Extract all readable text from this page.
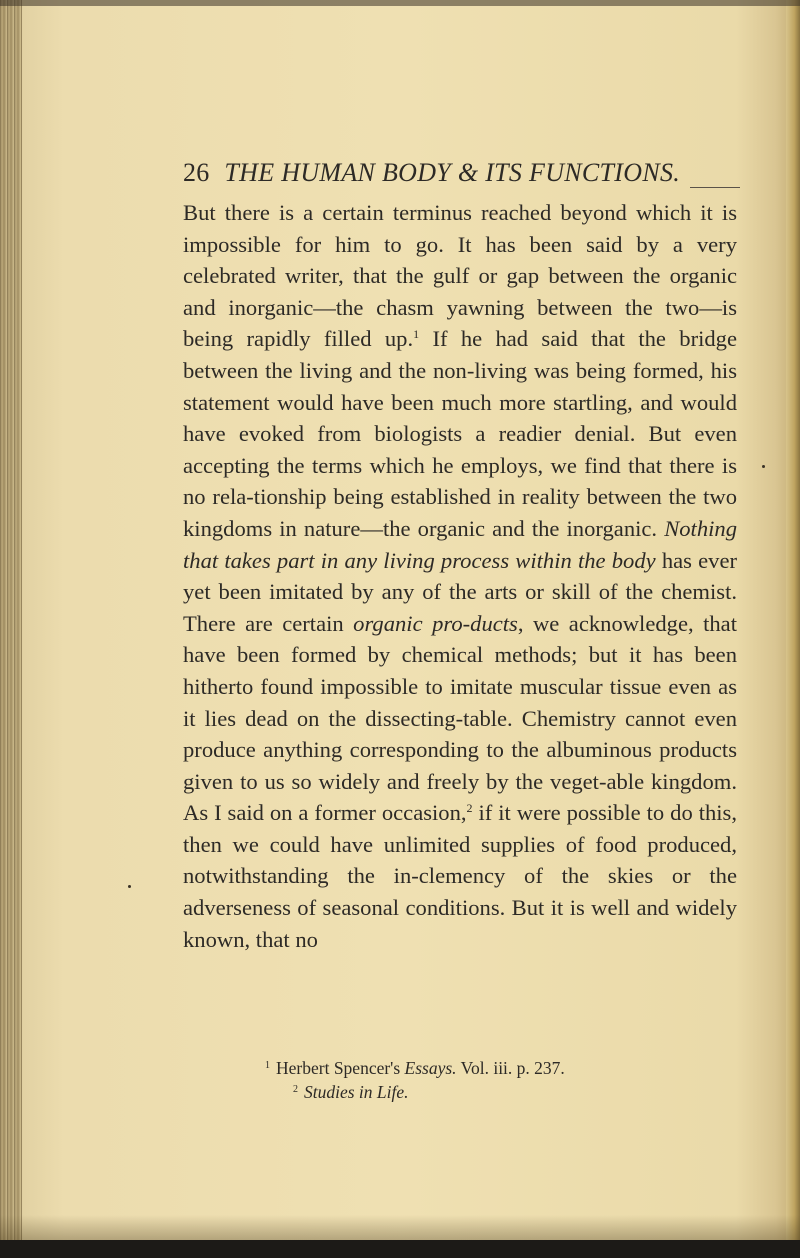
26 THE HUMAN BODY & ITS FUNCTIONS.

But there is a certain terminus reached beyond which it is impossible for him to go. It has been said by a very celebrated writer, that the gulf or gap between the organic and inorganic—the chasm yawning between the two—is being rapidly filled up.$^1$ If he had said that the bridge between the living and the non-living was being formed, his statement would have been much more startling, and would have evoked from biologists a readier denial. But even accepting the terms which he employs, we find that there is no rela-tionship being established in reality between the two kingdoms in nature—the organic and the inorganic. Nothing that takes part in any living process within the body has ever yet been imitated by any of the arts or skill of the chemist. There are certain organic pro-ducts, we acknowledge, that have been formed by chemical methods; but it has been hitherto found impossible to imitate muscular tissue even as it lies dead on the dissecting-table. Chemistry cannot even produce anything corresponding to the albuminous products given to us so widely and freely by the veget-able kingdom. As I said on a former occasion,$^2$ if it were possible to do this, then we could have unlimited supplies of food produced, notwithstanding the in-clemency of the skies or the adverseness of seasonal conditions. But it is well and widely known, that no

$^1$ Herbert Spencer's Essays. Vol. iii. p. 237.
$^2$ Studies in Life.
